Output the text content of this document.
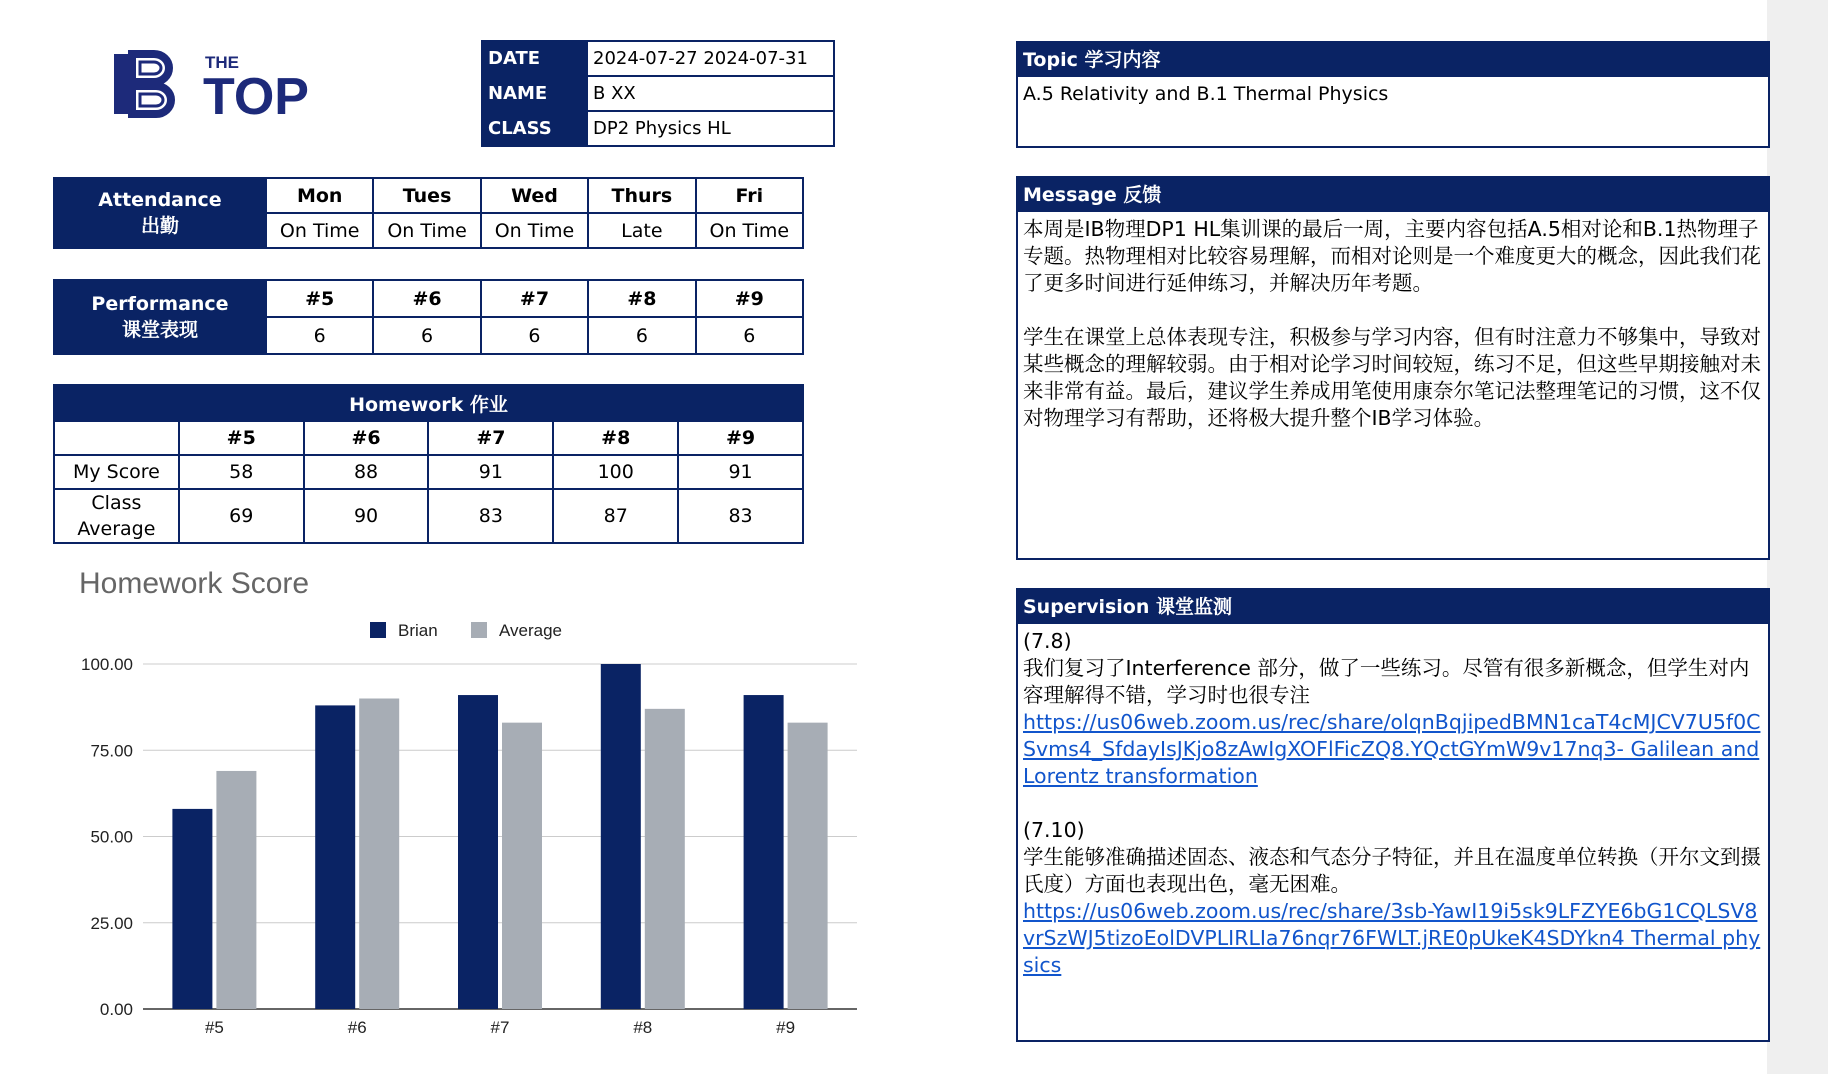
THE
TOP
DATE	2024-07-27 2024-07-31
NAME	B XX
CLASS	DP2 Physics HL
Attendance
出勤	Mon	Tues	Wed	Thurs	Fri
	On Time	On Time	On Time	Late	On Time
Performance
课堂表现	#5	#6	#7	#8	#9
	6	6	6	6	6
Homework 作业					
	#5	#6	#7	#8	#9
My Score	58	88	91	100	91
Class Average	69	90	83	87	83
Homework Score
0.00
25.00
50.00
75.00
100.00
#5	#6	#7	#8	#9
Brian	Average
Topic 学习内容
A.5 Relativity and B.1 Thermal Physics
Message 反馈

本周是IB物理DP1 HL集训课的最后一周，主要内容包括A.5相对论和B.1热物理子专题。热物理相对比较容易理解，而相对论则是一个难度更大的概念，因此我们花了更多时间进行延伸练习，并解决历年考题。

学生在课堂上总体表现专注，积极参与学习内容，但有时注意力不够集中，导致对某些概念的理解较弱。由于相对论学习时间较短，练习不足，但这些早期接触对未来非常有益。最后，建议学生养成用笔使用康奈尔笔记法整理笔记的习惯，这不仅对物理学习有帮助，还将极大提升整个IB学习体验。

Supervision 课堂监测

(7.8)

我们复习了Interference 部分，做了一些练习。尽管有很多新概念，但学生对内容理解得不错，学习时也很专注

https://us06web.zoom.us/rec/share/olqnBqjipedBMN1caT4cMJCV7U5f0CSvms4_SfdayIsJKjo8zAwIgXOFlFicZQ8.YQctGYmW9v17nq3- Galilean and Lorentz transformation

(7.10)

学生能够准确描述固态、液态和气态分子特征，并且在温度单位转换（开尔文到摄氏度）方面也表现出色，毫无困难。

https://us06web.zoom.us/rec/share/3sb-YawI19i5sk9LFZYE6bG1CQLSV8vrSzWJ5tizoEolDVPLIRLIa76nqr76FWLT.jRE0pUkeK4SDYkn4 Thermal physics
